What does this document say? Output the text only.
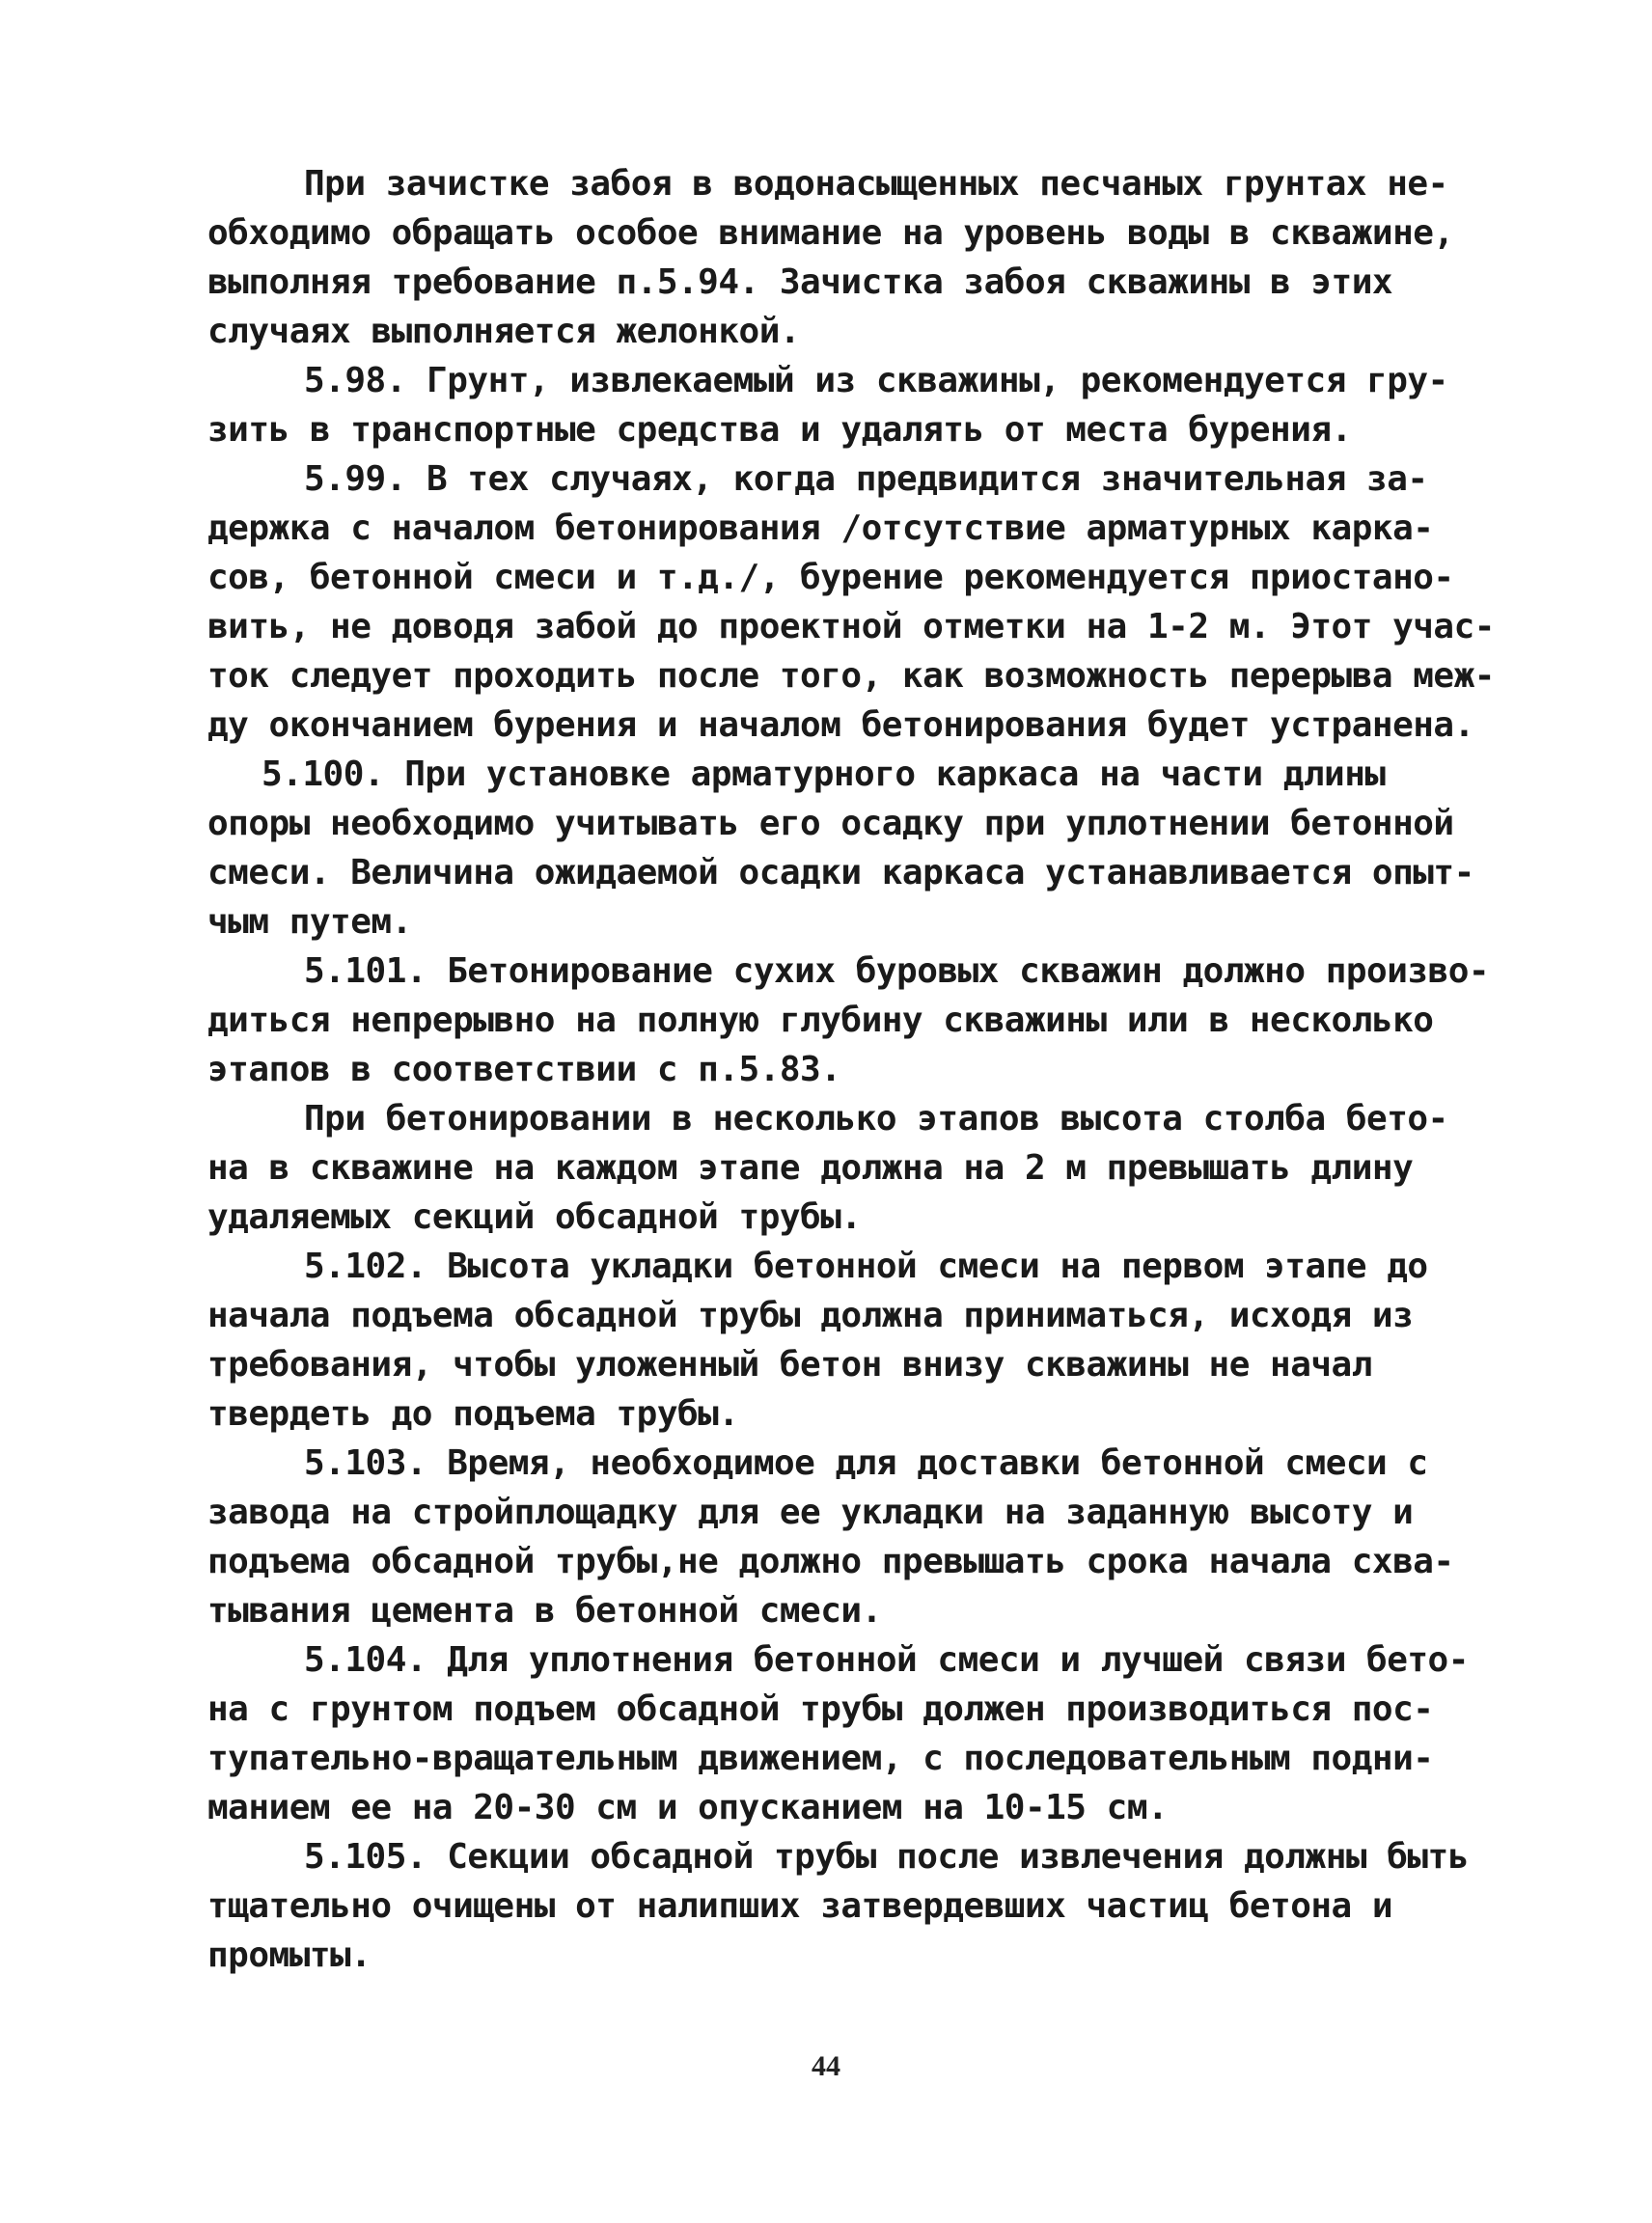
При зачистке забоя в водонасыщенных песчаных грунтах не-
обходимо обращать особое внимание на уровень воды в скважине,
выполняя требование п.5.94. Зачистка забоя скважины в этих
случаях выполняется желонкой.
5.98. Грунт, извлекаемый из скважины, рекомендуется гру-
зить в транспортные средства и удалять от места бурения.
5.99. В тех случаях, когда предвидится значительная за-
держка с началом бетонирования /отсутствие арматурных карка-
сов, бетонной смеси и т.д./, бурение рекомендуется приостано-
вить, не доводя забой до проектной отметки на 1-2 м. Этот учас-
ток следует проходить после того, как возможность перерыва меж-
ду окончанием бурения и началом бетонирования будет устранена.
5.100. При установке арматурного каркаса на части длины
опоры необходимо учитывать его осадку при уплотнении бетонной
смеси. Величина ожидаемой осадки каркаса устанавливается опыт-
чым путем.
5.101. Бетонирование сухих буровых скважин должно произво-
диться непрерывно на полную глубину скважины или в несколько
этапов в соответствии с п.5.83.
При бетонировании в несколько этапов высота столба бето-
на в скважине на каждом этапе должна на 2 м превышать длину
удаляемых секций обсадной трубы.
5.102. Высота укладки бетонной смеси на первом этапе до
начала подъема обсадной трубы должна приниматься, исходя из
требования, чтобы уложенный бетон внизу скважины не начал
твердеть до подъема трубы.
5.103. Время, необходимое для доставки бетонной смеси с
завода на стройплощадку для ее укладки на заданную высоту и
подъема обсадной трубы,не должно превышать срока начала схва-
тывания цемента в бетонной смеси.
5.104. Для уплотнения бетонной смеси и лучшей связи бето-
на с грунтом подъем обсадной трубы должен производиться пос-
тупательно-вращательным движением, с последовательным подни-
манием ее на 20-30 см и опусканием на 10-15 см.
5.105. Секции обсадной трубы после извлечения должны быть
тщательно очищены от налипших затвердевших частиц бетона и
промыты.
44
